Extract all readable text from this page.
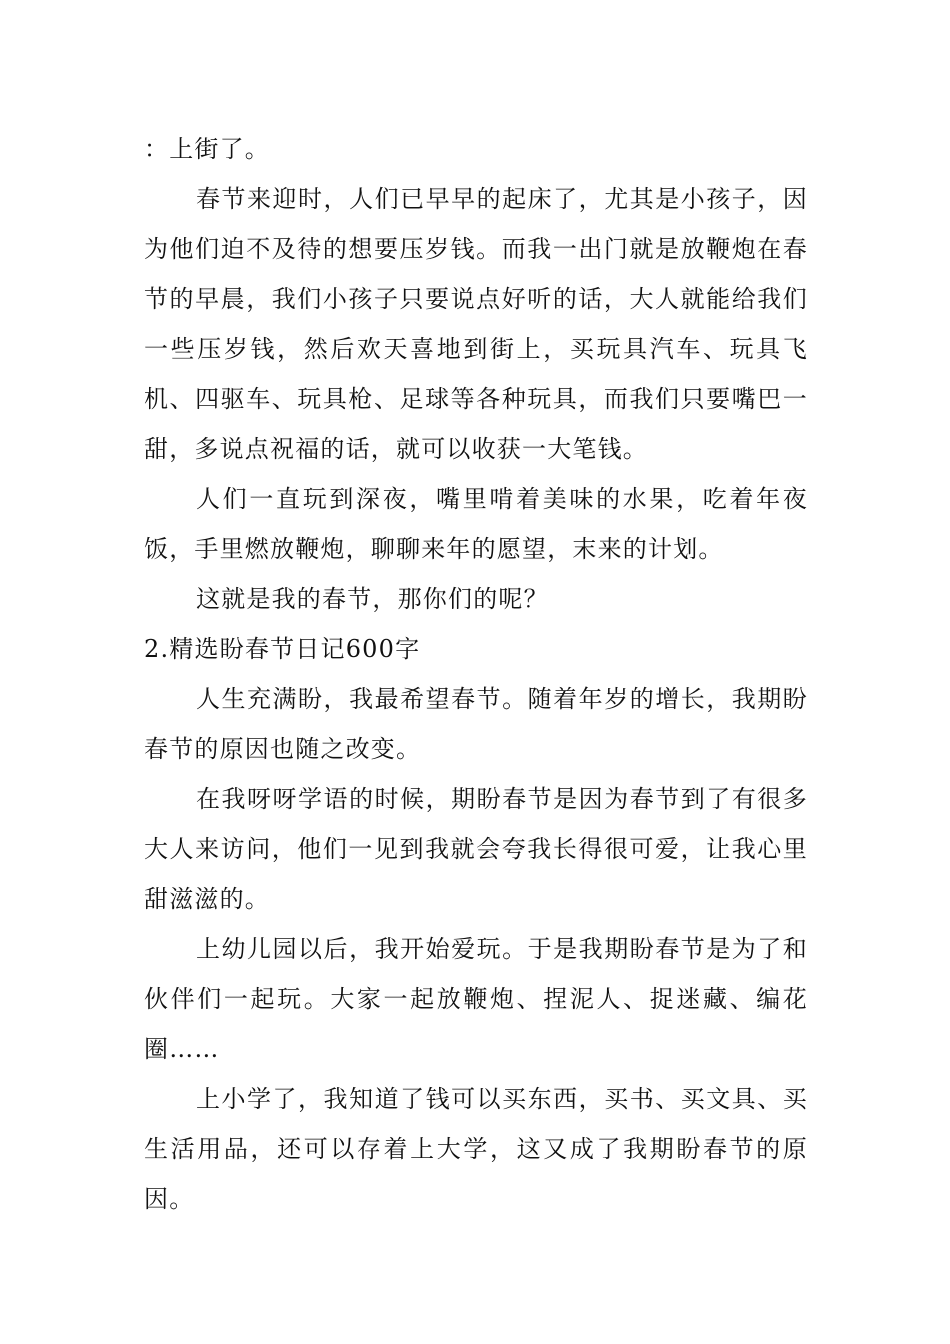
：上街了。

春节来迎时，人们已早早的起床了，尤其是小孩子，因为他们迫不及待的想要压岁钱。而我一出门就是放鞭炮在春节的早晨，我们小孩子只要说点好听的话，大人就能给我们一些压岁钱，然后欢天喜地到街上，买玩具汽车、玩具飞机、四驱车、玩具枪、足球等各种玩具，而我们只要嘴巴一甜，多说点祝福的话，就可以收获一大笔钱。

人们一直玩到深夜，嘴里啃着美味的水果，吃着年夜饭，手里燃放鞭炮，聊聊来年的愿望，末来的计划。

这就是我的春节，那你们的呢？

2.精选盼春节日记600字

人生充满盼，我最希望春节。随着年岁的增长，我期盼春节的原因也随之改变。

在我呀呀学语的时候，期盼春节是因为春节到了有很多大人来访问，他们一见到我就会夸我长得很可爱，让我心里甜滋滋的。

上幼儿园以后，我开始爱玩。于是我期盼春节是为了和伙伴们一起玩。大家一起放鞭炮、捏泥人、捉迷藏、编花圈……

上小学了，我知道了钱可以买东西，买书、买文具、买生活用品，还可以存着上大学，这又成了我期盼春节的原因。
